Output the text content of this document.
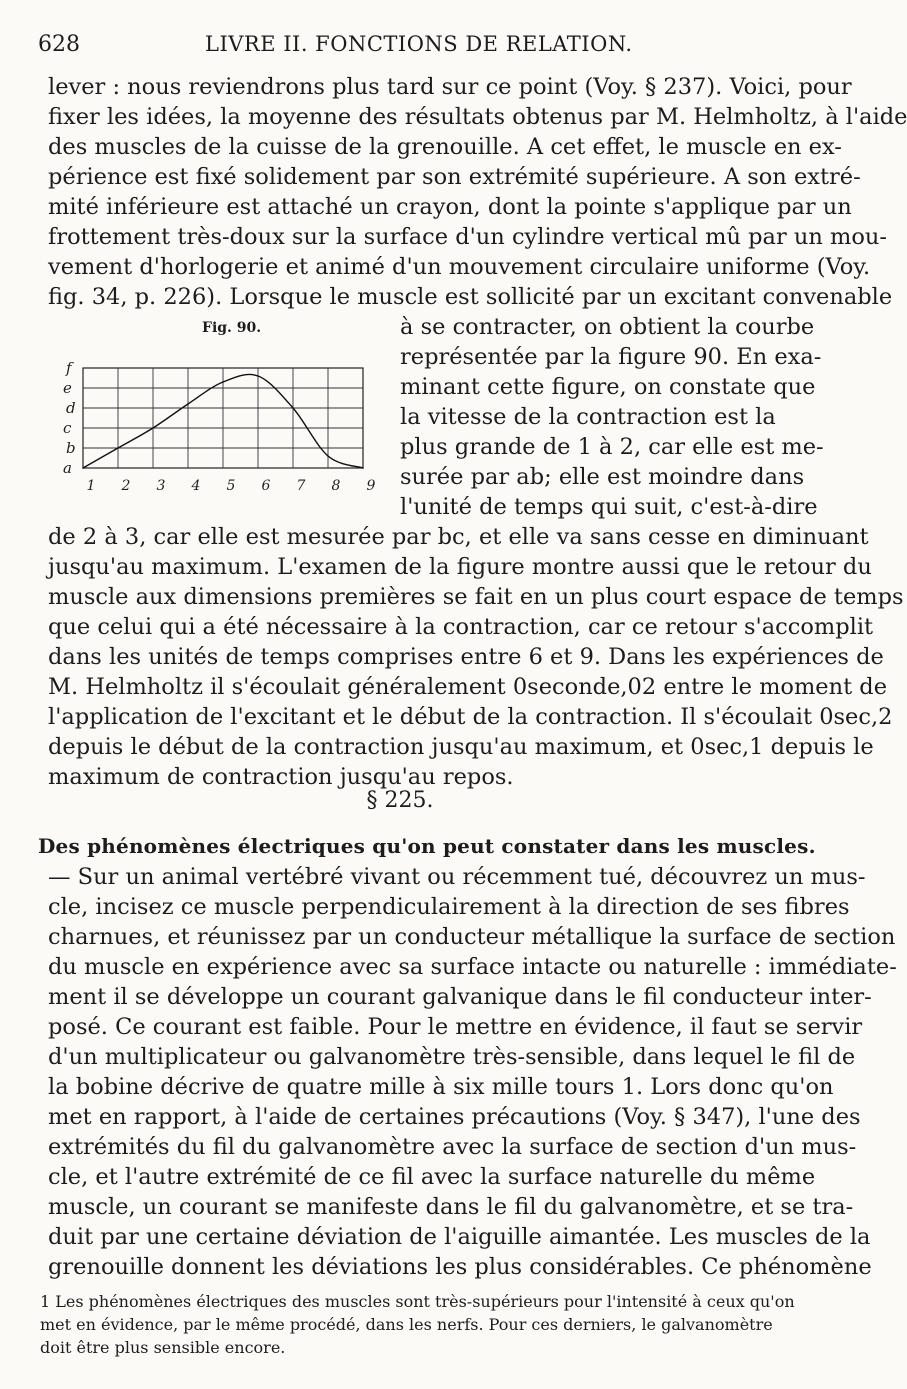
628	LIVRE II. FONCTIONS DE RELATION.
lever : nous reviendrons plus tard sur ce point (Voy. § 237). Voici, pour
fixer les idées, la moyenne des résultats obtenus par M. Helmholtz, à l'aide
des muscles de la cuisse de la grenouille. A cet effet, le muscle en ex-
périence est fixé solidement par son extrémité supérieure. A son extré-
mité inférieure est attaché un crayon, dont la pointe s'applique par un
frottement très-doux sur la surface d'un cylindre vertical mû par un mou-
vement d'horlogerie et animé d'un mouvement circulaire uniforme (Voy.
fig. 34, p. 226). Lorsque le muscle est sollicité par un excitant convenable
Fig. 90.
a
b
c
d
e
f
1 2 3 4 5 6 7 8 9
à se contracter, on obtient la courbe
représentée par la figure 90. En exa-
minant cette figure, on constate que
la vitesse de la contraction est la
plus grande de 1 à 2, car elle est me-
surée par ab; elle est moindre dans
l'unité de temps qui suit, c'est-à-dire
de 2 à 3, car elle est mesurée par bc, et elle va sans cesse en diminuant
jusqu'au maximum. L'examen de la figure montre aussi que le retour du
muscle aux dimensions premières se fait en un plus court espace de temps
que celui qui a été nécessaire à la contraction, car ce retour s'accomplit
dans les unités de temps comprises entre 6 et 9. Dans les expériences de
M. Helmholtz il s'écoulait généralement 0seconde,02 entre le moment de
l'application de l'excitant et le début de la contraction. Il s'écoulait 0sec,2
depuis le début de la contraction jusqu'au maximum, et 0sec,1 depuis le
maximum de contraction jusqu'au repos.
§ 225.
Des phénomènes électriques qu'on peut constater dans les muscles.
— Sur un animal vertébré vivant ou récemment tué, découvrez un mus-
cle, incisez ce muscle perpendiculairement à la direction de ses fibres
charnues, et réunissez par un conducteur métallique la surface de section
du muscle en expérience avec sa surface intacte ou naturelle : immédiate-
ment il se développe un courant galvanique dans le fil conducteur inter-
posé. Ce courant est faible. Pour le mettre en évidence, il faut se servir
d'un multiplicateur ou galvanomètre très-sensible, dans lequel le fil de
la bobine décrive de quatre mille à six mille tours 1. Lors donc qu'on
met en rapport, à l'aide de certaines précautions (Voy. § 347), l'une des
extrémités du fil du galvanomètre avec la surface de section d'un mus-
cle, et l'autre extrémité de ce fil avec la surface naturelle du même
muscle, un courant se manifeste dans le fil du galvanomètre, et se tra-
duit par une certaine déviation de l'aiguille aimantée. Les muscles de la
grenouille donnent les déviations les plus considérables. Ce phénomène
1 Les phénomènes électriques des muscles sont très-supérieurs pour l'intensité à ceux qu'on
met en évidence, par le même procédé, dans les nerfs. Pour ces derniers, le galvanomètre
doit être plus sensible encore.
